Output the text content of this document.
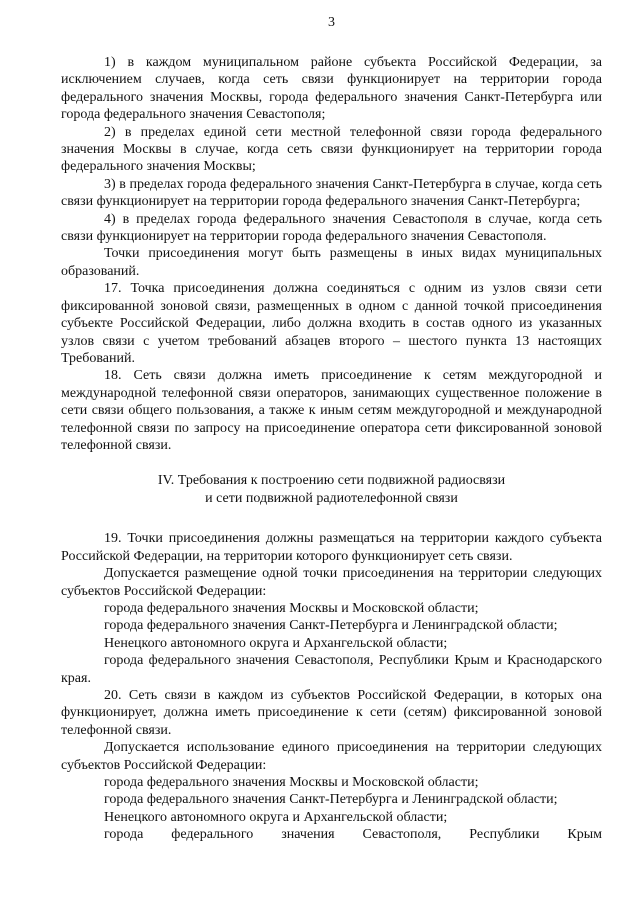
3

1) в каждом муниципальном районе субъекта Российской Федерации, за исключением случаев, когда сеть связи функционирует на территории города федерального значения Москвы, города федерального значения Санкт-Петербурга или города федерального значения Севастополя;

2) в пределах единой сети местной телефонной связи города федерального значения Москвы в случае, когда сеть связи функционирует на территории города федерального значения Москвы;

3) в пределах города федерального значения Санкт-Петербурга в случае, когда сеть связи функционирует на территории города федерального значения Санкт-Петербурга;

4) в пределах города федерального значения Севастополя в случае, когда сеть связи функционирует на территории города федерального значения Севастополя.

Точки присоединения могут быть размещены в иных видах муниципальных образований.

17. Точка присоединения должна соединяться с одним из узлов связи сети фиксированной зоновой связи, размещенных в одном с данной точкой присоединения субъекте Российской Федерации, либо должна входить в состав одного из указанных узлов связи с учетом требований абзацев второго – шестого пункта 13 настоящих Требований.

18. Сеть связи должна иметь присоединение к сетям междугородной и международной телефонной связи операторов, занимающих существенное положение в сети связи общего пользования, а также к иным сетям междугородной и международной телефонной связи по запросу на присоединение оператора сети фиксированной зоновой телефонной связи.

IV. Требования к построению сети подвижной радиосвязи
и сети подвижной радиотелефонной связи

19. Точки присоединения должны размещаться на территории каждого субъекта Российской Федерации, на территории которого функционирует сеть связи.

Допускается размещение одной точки присоединения на территории следующих субъектов Российской Федерации:

города федерального значения Москвы и Московской области;

города федерального значения Санкт-Петербурга и Ленинградской области;

Ненецкого автономного округа и Архангельской области;

города федерального значения Севастополя, Республики Крым и Краснодарского края.

20. Сеть связи в каждом из субъектов Российской Федерации, в которых она функционирует, должна иметь присоединение к сети (сетям) фиксированной зоновой телефонной связи.

Допускается использование единого присоединения на территории следующих субъектов Российской Федерации:

города федерального значения Москвы и Московской области;

города федерального значения Санкт-Петербурга и Ленинградской области;

Ненецкого автономного округа и Архангельской области;

города федерального значения Севастополя, Республики Крым
